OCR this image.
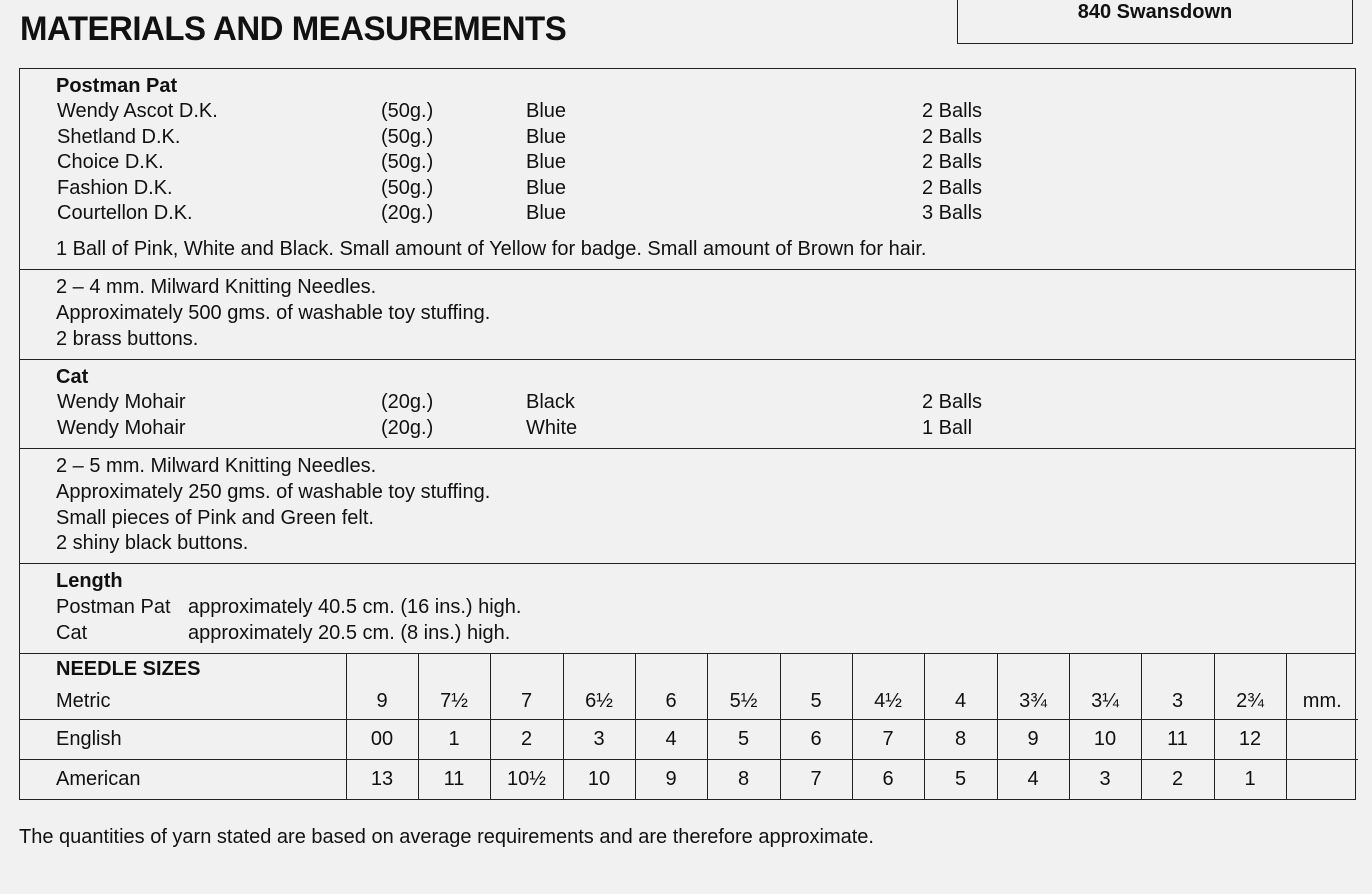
MATERIALS AND MEASUREMENTS	840 Swansdown
Postman Pat
Wendy Ascot D.K.	(50g.)	Blue	2 Balls
Shetland D.K.	(50g.)	Blue	2 Balls
Choice D.K.	(50g.)	Blue	2 Balls
Fashion D.K.	(50g.)	Blue	2 Balls
Courtellon D.K.	(20g.)	Blue	3 Balls
1 Ball of Pink, White and Black. Small amount of Yellow for badge. Small amount of Brown for hair.
2 – 4 mm. Milward Knitting Needles.
Approximately 500 gms. of washable toy stuffing.
2 brass buttons.
Cat
Wendy Mohair	(20g.)	Black	2 Balls
Wendy Mohair	(20g.)	White	1 Ball
2 – 5 mm. Milward Knitting Needles.
Approximately 250 gms. of washable toy stuffing.
Small pieces of Pink and Green felt.
2 shiny black buttons.
Length
Postman Pat approximately 40.5 cm. (16 ins.) high.
Cat	approximately 20.5 cm. (8 ins.) high.
NEEDLE SIZES
Metric	9	7½	7	6½	6	5½	5	4½	4	3¾	3¼	3	2¾	mm.

English	00	1	2	3	4	5	6	7	8	9	10	11	12	

American	13	11	10½	10	9	8	7	6	5	4	3	2	1	
The quantities of yarn stated are based on average requirements and are therefore approximate.
